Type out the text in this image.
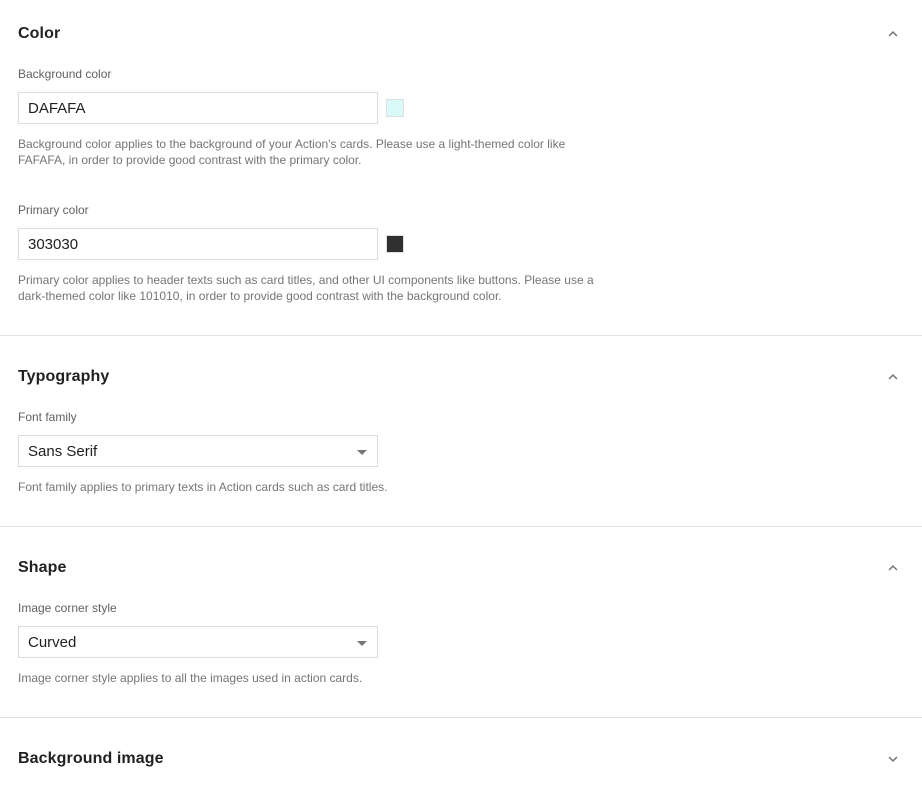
Color
Background color
DAFAFA

Background color applies to the background of your Action's cards. Please use a light-themed color like FAFAFA, in order to provide good contrast with the primary color.

Primary color
303030

Primary color applies to header texts such as card titles, and other UI components like buttons. Please use a dark-themed color like 101010, in order to provide good contrast with the background color.

Typography
Font family
Sans Serif

Font family applies to primary texts in Action cards such as card titles.

Shape
Image corner style
Curved

Image corner style applies to all the images used in action cards.

Background image
